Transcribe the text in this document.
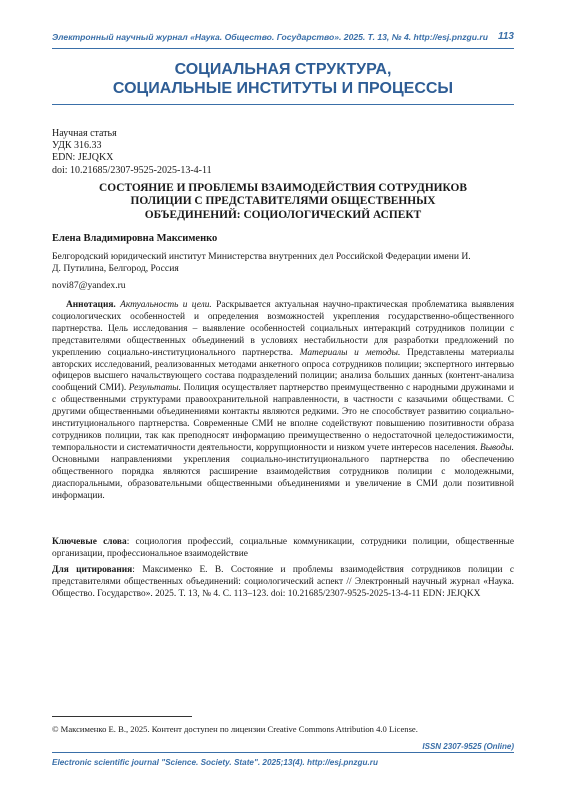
Электронный научный журнал «Наука. Общество. Государство». 2025. Т. 13, № 4. http://esj.pnzgu.ru 113
СОЦИАЛЬНАЯ СТРУКТУРА,
СОЦИАЛЬНЫЕ ИНСТИТУТЫ И ПРОЦЕССЫ
Научная статья
УДК 316.33
EDN: JEJQKX
doi: 10.21685/2307-9525-2025-13-4-11
СОСТОЯНИЕ И ПРОБЛЕМЫ ВЗАИМОДЕЙСТВИЯ СОТРУДНИКОВ
ПОЛИЦИИ С ПРЕДСТАВИТЕЛЯМИ ОБЩЕСТВЕННЫХ
ОБЪЕДИНЕНИЙ: СОЦИОЛОГИЧЕСКИЙ АСПЕКТ
Елена Владимировна Максименко
Белгородский юридический институт Министерства внутренних дел Российской Федерации имени И. Д. Путилина, Белгород, Россия
novi87@yandex.ru

Аннотация. Актуальность и цели. Раскрывается актуальная научно-практическая проблематика выявления социологических особенностей и определения возможностей укрепления государственно-общественного партнерства. Цель исследования – выявление особенностей социальных интеракций сотрудников полиции с представителями общественных объединений в условиях нестабильности для разработки предложений по укреплению социально-институционального партнерства. Материалы и методы. Представлены материалы авторских исследований, реализованных методами анкетного опроса сотрудников полиции; экспертного интервью офицеров высшего начальствующего состава подразделений полиции; анализа больших данных (контент-анализа сообщений СМИ). Результаты. Полиция осуществляет партнерство преимущественно с народными дружинами и с общественными структурами правоохранительной направленности, в частности с казачьими обществами. С другими общественными объединениями контакты являются редкими. Это не способствует развитию социально-институционального партнерства. Современные СМИ не вполне содействуют повышению позитивности образа сотрудников полиции, так как преподносят информацию преимущественно о недостаточной целедостижимости, темпоральности и систематичности деятельности, коррупционности и низком учете интересов населения. Выводы. Основными направлениями укрепления социально-институционального партнерства по обеспечению общественного порядка являются расширение взаимодействия сотрудников полиции с молодежными, диаспоральными, образовательными общественными объединениями и увеличение в СМИ доли позитивной информации.

Ключевые слова: социология профессий, социальные коммуникации, сотрудники полиции, общественные организации, профессиональное взаимодействие
Для цитирования: Максименко Е. В. Состояние и проблемы взаимодействия сотрудников полиции с представителями общественных объединений: социологический аспект // Электронный научный журнал «Наука. Общество. Государство». 2025. Т. 13, № 4. С. 113–123. doi: 10.21685/2307-9525-2025-13-4-11 EDN: JEJQKX
© Максименко Е. В., 2025. Контент доступен по лицензии Creative Commons Attribution 4.0 License.
ISSN 2307-9525 (Online)
Electronic scientific journal "Science. Society. State". 2025;13(4). http://esj.pnzgu.ru
